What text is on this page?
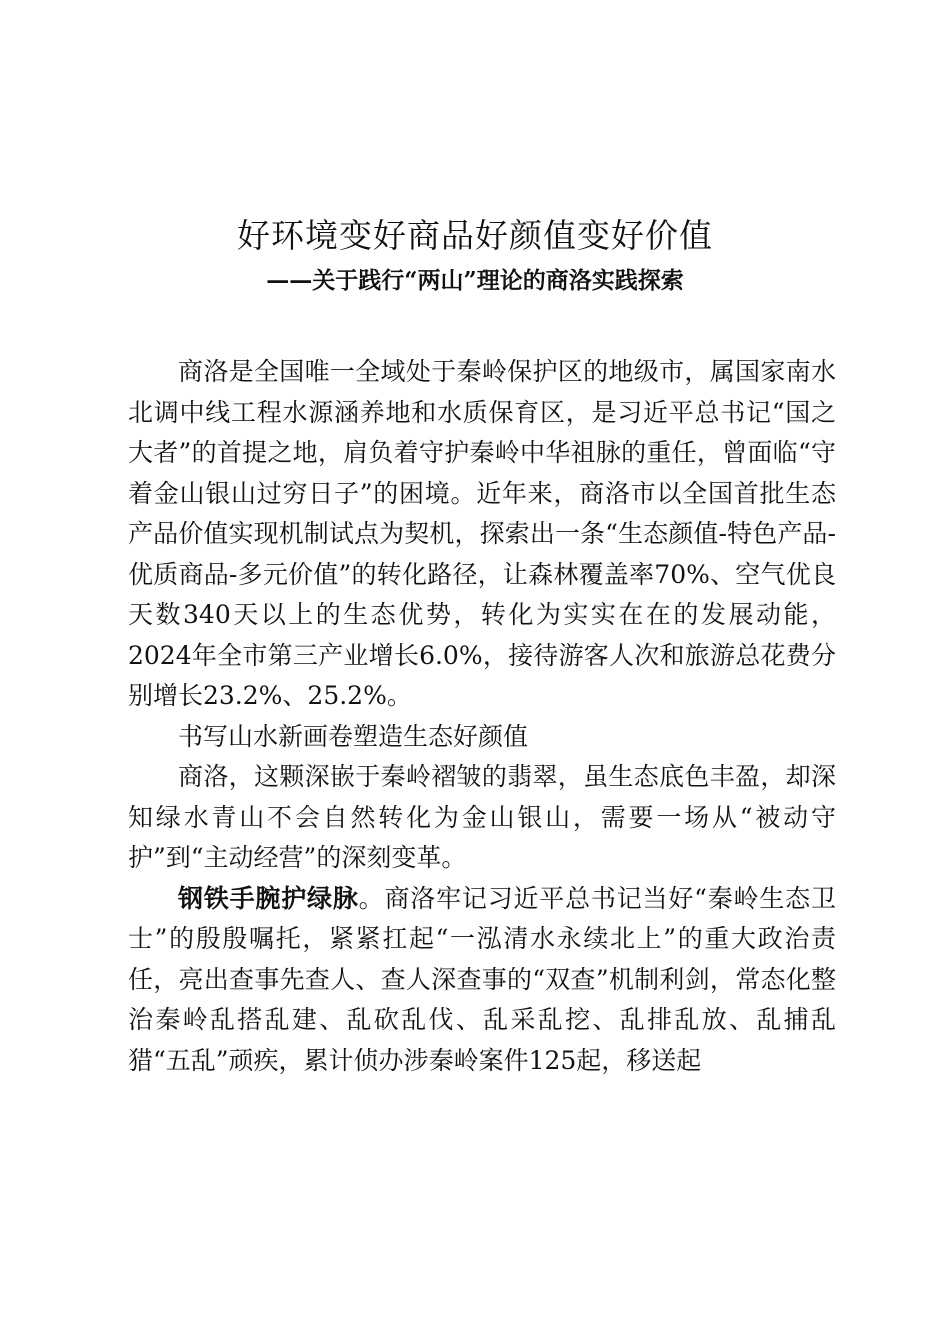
好环境变好商品好颜值变好价值
——关于践行“两山”理论的商洛实践探索

商洛是全国唯一全域处于秦岭保护区的地级市，属国家南水北调中线工程水源涵养地和水质保育区，是习近平总书记“国之大者”的首提之地，肩负着守护秦岭中华祖脉的重任，曾面临“守着金山银山过穷日子”的困境。近年来，商洛市以全国首批生态产品价值实现机制试点为契机，探索出一条“生态颜值-特色产品-优质商品-多元价值”的转化路径，让森林覆盖率70%、空气优良天数340天以上的生态优势，转化为实实在在的发展动能，2024年全市第三产业增长6.0%，接待游客人次和旅游总花费分别增长23.2%、25.2%。

书写山水新画卷塑造生态好颜值

商洛，这颗深嵌于秦岭褶皱的翡翠，虽生态底色丰盈，却深知绿水青山不会自然转化为金山银山，需要一场从“被动守护”到“主动经营”的深刻变革。

钢铁手腕护绿脉。商洛牢记习近平总书记当好“秦岭生态卫士”的殷殷嘱托，紧紧扛起“一泓清水永续北上”的重大政治责任，亮出查事先查人、查人深查事的“双查”机制利剑，常态化整治秦岭乱搭乱建、乱砍乱伐、乱采乱挖、乱排乱放、乱捕乱猎“五乱”顽疾，累计侦办涉秦岭案件125起，移送起
